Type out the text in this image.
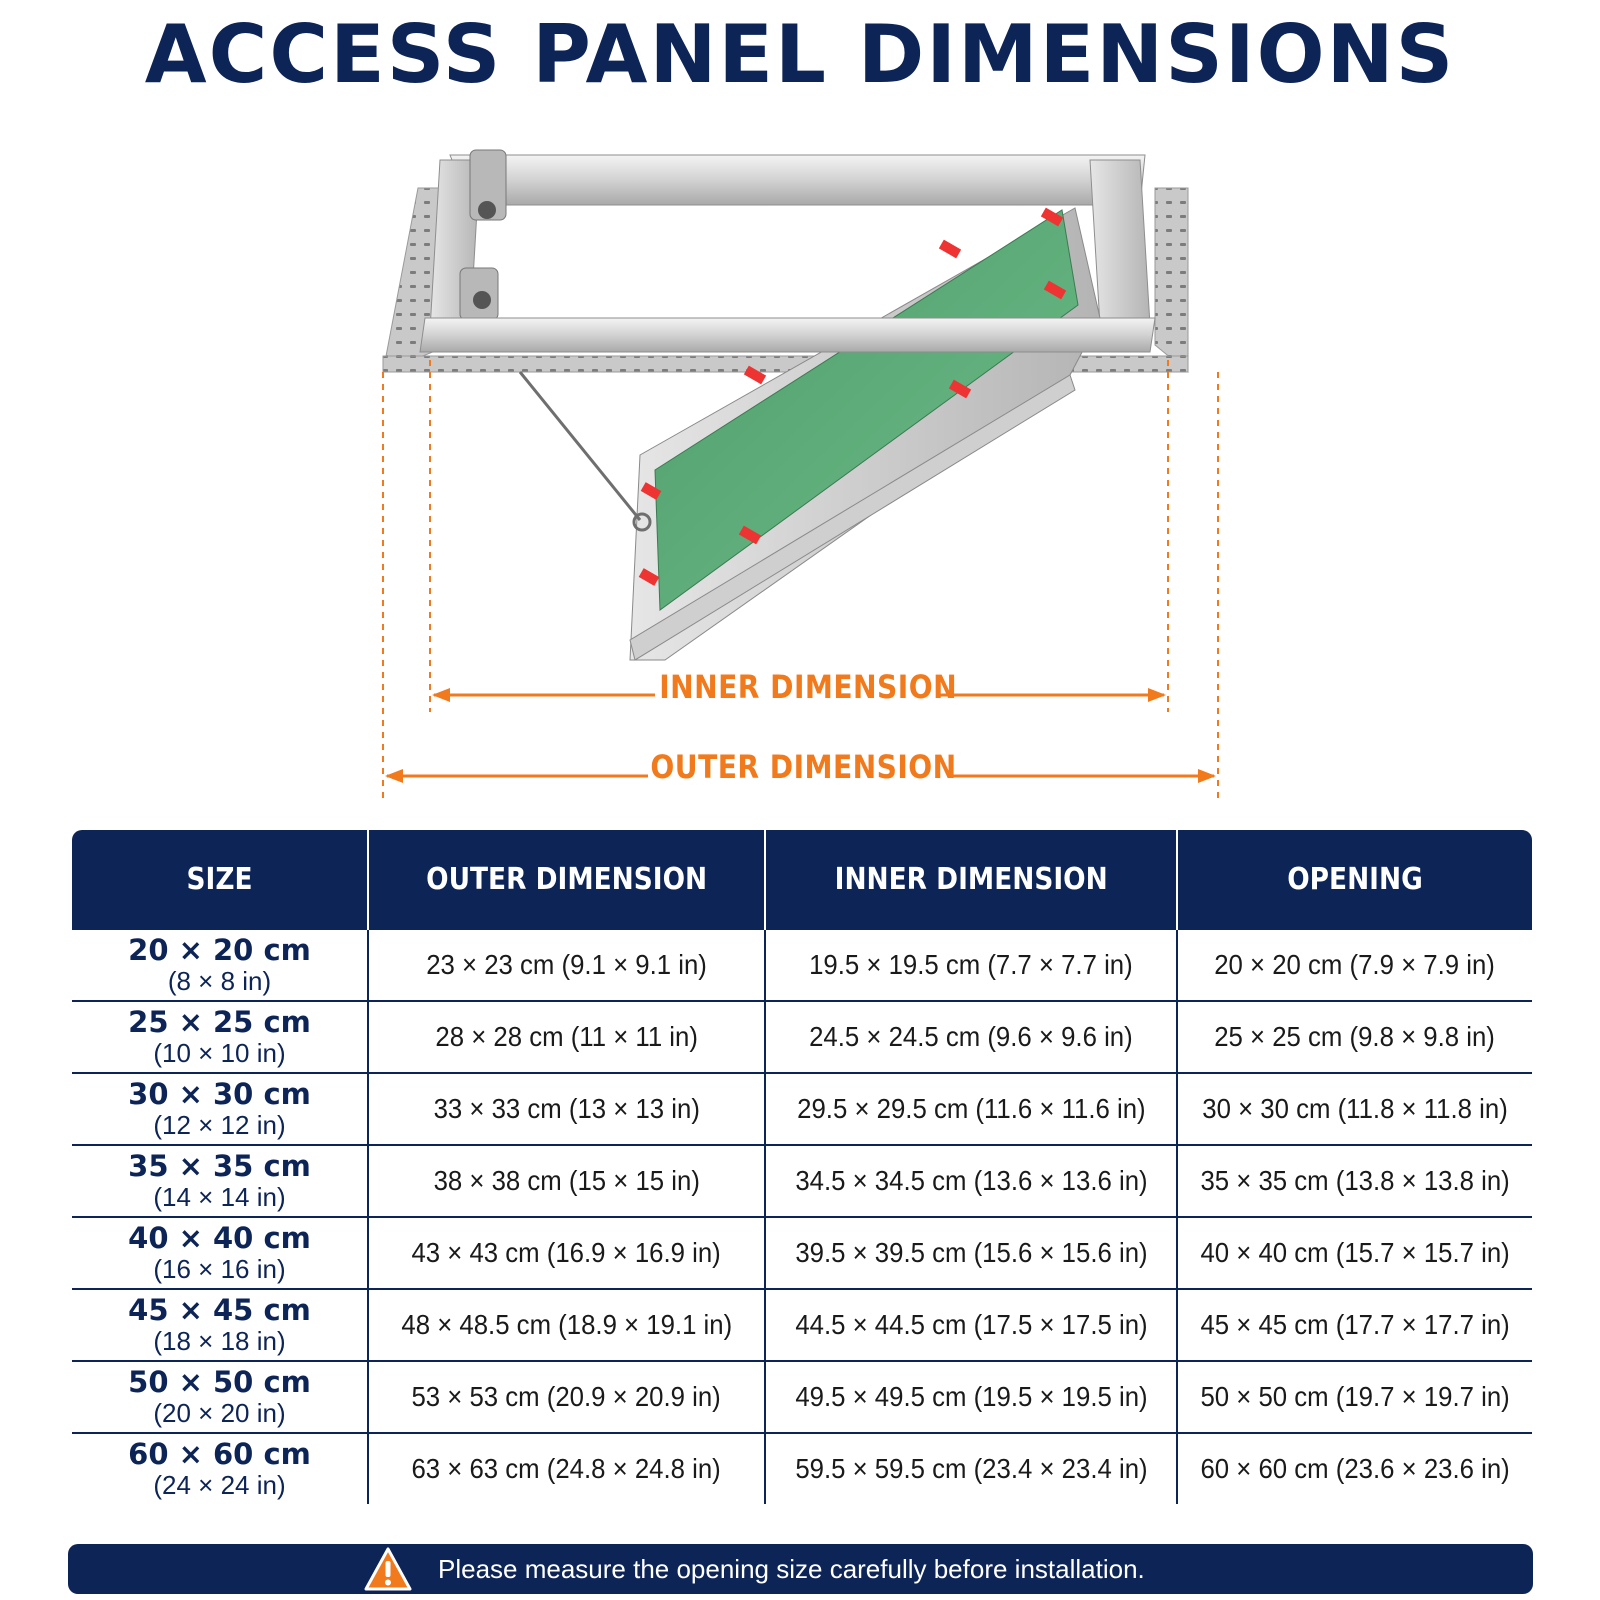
ACCESS PANEL DIMENSIONS
INNER DIMENSION
OUTER DIMENSION
SIZE	OUTER DIMENSION	INNER DIMENSION	OPENING

20 × 20 cm
(8 × 8 in)	23 × 23 cm (9.1 × 9.1 in)	19.5 × 19.5 cm (7.7 × 7.7 in)	20 × 20 cm (7.9 × 7.9 in)

25 × 25 cm
(10 × 10 in)	28 × 28 cm (11 × 11 in)	24.5 × 24.5 cm (9.6 × 9.6 in)	25 × 25 cm (9.8 × 9.8 in)

30 × 30 cm
(12 × 12 in)	33 × 33 cm (13 × 13 in)	29.5 × 29.5 cm (11.6 × 11.6 in)	30 × 30 cm (11.8 × 11.8 in)

35 × 35 cm
(14 × 14 in)	38 × 38 cm (15 × 15 in)	34.5 × 34.5 cm (13.6 × 13.6 in)	35 × 35 cm (13.8 × 13.8 in)

40 × 40 cm
(16 × 16 in)	43 × 43 cm (16.9 × 16.9 in)	39.5 × 39.5 cm (15.6 × 15.6 in)	40 × 40 cm (15.7 × 15.7 in)

45 × 45 cm
(18 × 18 in)	48 × 48.5 cm (18.9 × 19.1 in)	44.5 × 44.5 cm (17.5 × 17.5 in)	45 × 45 cm (17.7 × 17.7 in)

50 × 50 cm
(20 × 20 in)	53 × 53 cm (20.9 × 20.9 in)	49.5 × 49.5 cm (19.5 × 19.5 in)	50 × 50 cm (19.7 × 19.7 in)

60 × 60 cm
(24 × 24 in)	63 × 63 cm (24.8 × 24.8 in)	59.5 × 59.5 cm (23.4 × 23.4 in)	60 × 60 cm (23.6 × 23.6 in)
Please measure the opening size carefully before installation.
